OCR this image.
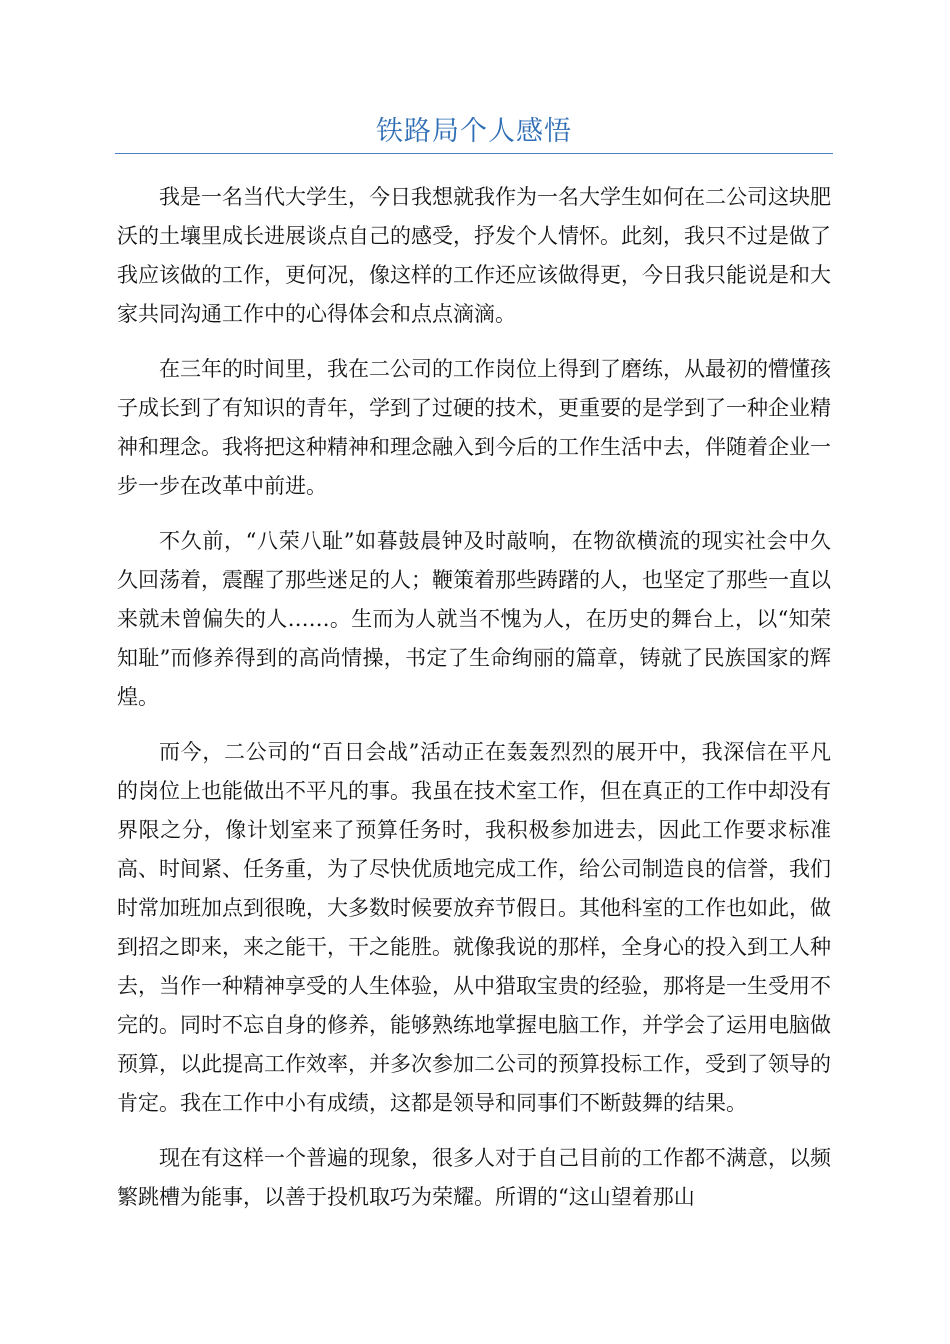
铁路局个人感悟

我是一名当代大学生，今日我想就我作为一名大学生如何在二公司这块肥沃的土壤里成长进展谈点自己的感受，抒发个人情怀。此刻，我只不过是做了我应该做的工作，更何况，像这样的工作还应该做得更，今日我只能说是和大家共同沟通工作中的心得体会和点点滴滴。

在三年的时间里，我在二公司的工作岗位上得到了磨练，从最初的懵懂孩子成长到了有知识的青年，学到了过硬的技术，更重要的是学到了一种企业精神和理念。我将把这种精神和理念融入到今后的工作生活中去，伴随着企业一步一步在改革中前进。

不久前，“八荣八耻”如暮鼓晨钟及时敲响，在物欲横流的现实社会中久久回荡着，震醒了那些迷足的人；鞭策着那些踌躇的人，也坚定了那些一直以来就未曾偏失的人……。生而为人就当不愧为人，在历史的舞台上，以“知荣知耻”而修养得到的高尚情操，书定了生命绚丽的篇章，铸就了民族国家的辉煌。

而今，二公司的“百日会战”活动正在轰轰烈烈的展开中，我深信在平凡的岗位上也能做出不平凡的事。我虽在技术室工作，但在真正的工作中却没有界限之分，像计划室来了预算任务时，我积极参加进去，因此工作要求标准高、时间紧、任务重，为了尽快优质地完成工作，给公司制造良的信誉，我们时常加班加点到很晚，大多数时候要放弃节假日。其他科室的工作也如此，做到招之即来，来之能干，干之能胜。就像我说的那样，全身心的投入到工人种去，当作一种精神享受的人生体验，从中猎取宝贵的经验，那将是一生受用不完的。同时不忘自身的修养，能够熟练地掌握电脑工作，并学会了运用电脑做预算，以此提高工作效率，并多次参加二公司的预算投标工作，受到了领导的肯定。我在工作中小有成绩，这都是领导和同事们不断鼓舞的结果。

现在有这样一个普遍的现象，很多人对于自己目前的工作都不满意，以频繁跳槽为能事，以善于投机取巧为荣耀。所谓的“这山望着那山
